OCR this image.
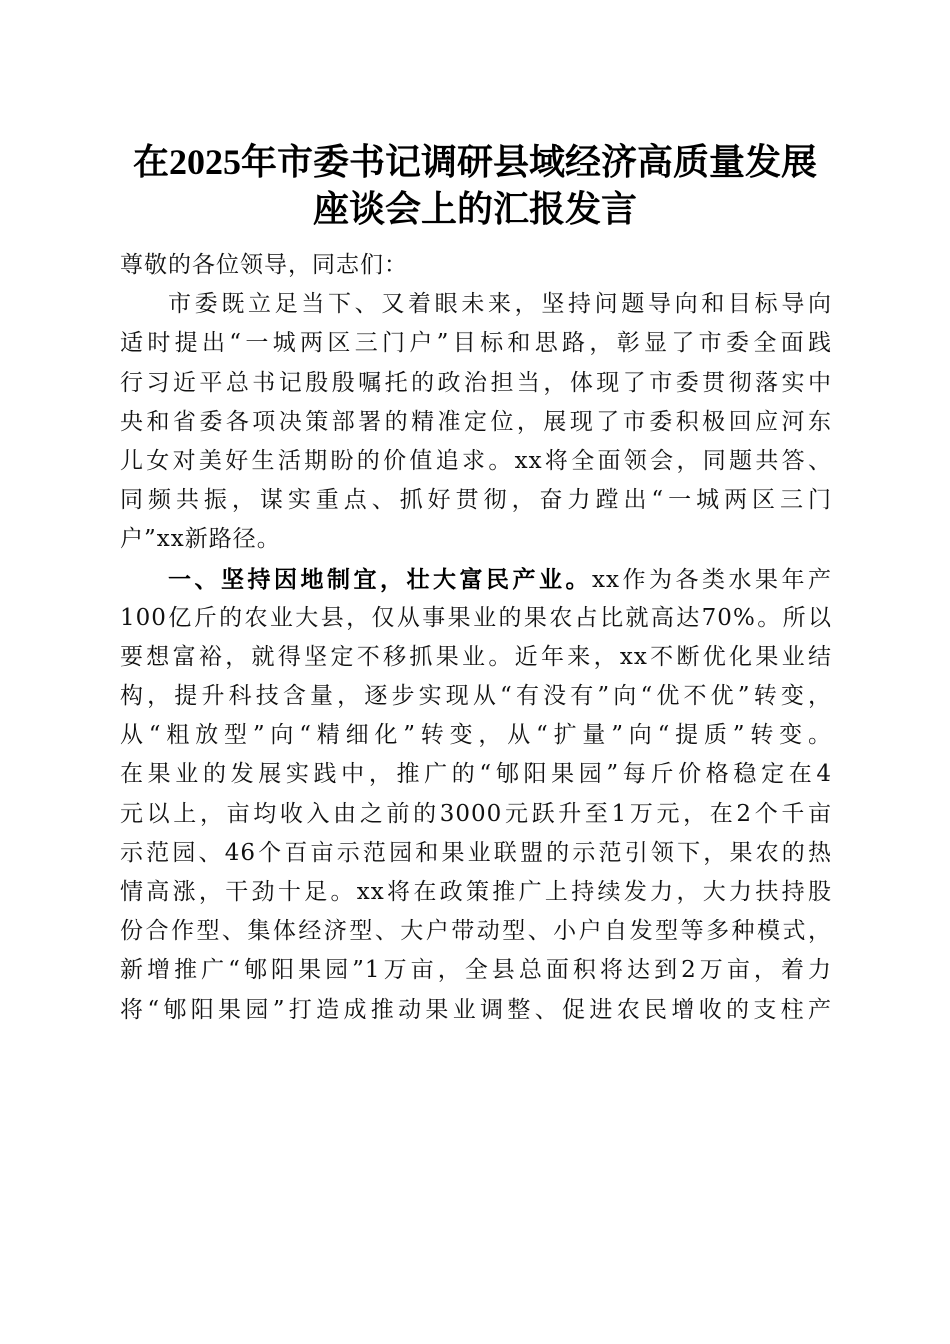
在2025年市委书记调研县域经济高质量发展
座谈会上的汇报发言

尊敬的各位领导，同志们：

市委既立足当下、又着眼未来，坚持问题导向和目标导向

适时提出“一城两区三门户”目标和思路，彰显了市委全面践

行习近平总书记殷殷嘱托的政治担当，体现了市委贯彻落实中

央和省委各项决策部署的精准定位，展现了市委积极回应河东

儿女对美好生活期盼的价值追求。xx将全面领会，同题共答、

同频共振，谋实重点、抓好贯彻，奋力蹚出“一城两区三门

户”xx新路径。

一、坚持因地制宜，壮大富民产业。xx作为各类水果年产

100亿斤的农业大县，仅从事果业的果农占比就高达70%。所以

要想富裕，就得坚定不移抓果业。近年来，xx不断优化果业结

构，提升科技含量，逐步实现从“有没有”向“优不优”转变，

从“粗放型”向“精细化”转变，从“扩量”向“提质”转变。

在果业的发展实践中，推广的“郇阳果园”每斤价格稳定在4

元以上，亩均收入由之前的3000元跃升至1万元，在2个千亩

示范园、46个百亩示范园和果业联盟的示范引领下，果农的热

情高涨，干劲十足。xx将在政策推广上持续发力，大力扶持股

份合作型、集体经济型、大户带动型、小户自发型等多种模式，

新增推广“郇阳果园”1万亩，全县总面积将达到2万亩，着力

将“郇阳果园”打造成推动果业调整、促进农民增收的支柱产
